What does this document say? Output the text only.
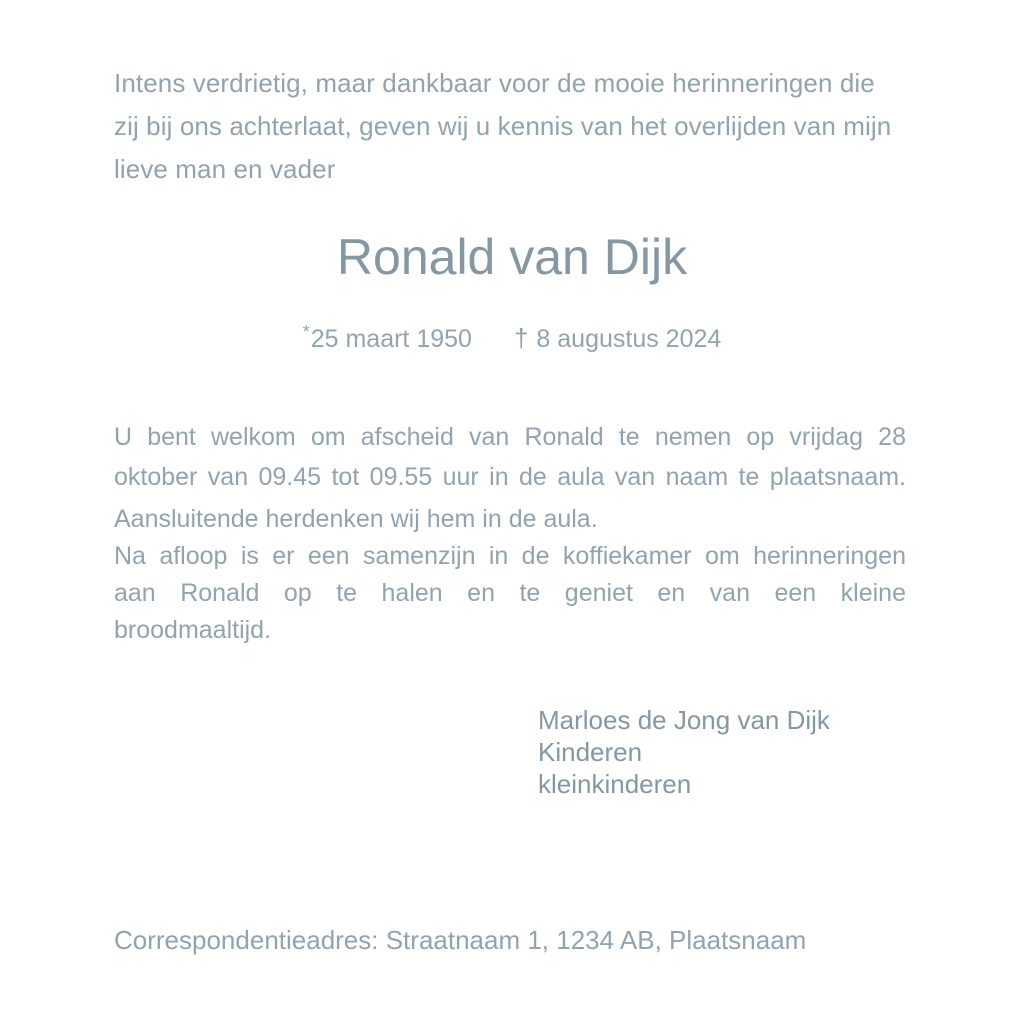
Intens verdrietig, maar dankbaar voor de mooie herinneringen die
zij bij ons achterlaat, geven wij u kennis van het overlijden van mijn
lieve man en vader
Ronald van Dijk
*25 maart 1950 † 8 augustus 2024
U bent welkom om afscheid van Ronald te nemen op vrijdag 28
oktober van 09.45 tot 09.55 uur in de aula van naam te plaatsnaam.
Aansluitende herdenken wij hem in de aula.
Na afloop is er een samenzijn in de koffiekamer om herinneringen
aan Ronald op te halen en te geniet en van een kleine
broodmaaltijd.
Marloes de Jong van Dijk
Kinderen
kleinkinderen
Correspondentieadres: Straatnaam 1, 1234 AB, Plaatsnaam
